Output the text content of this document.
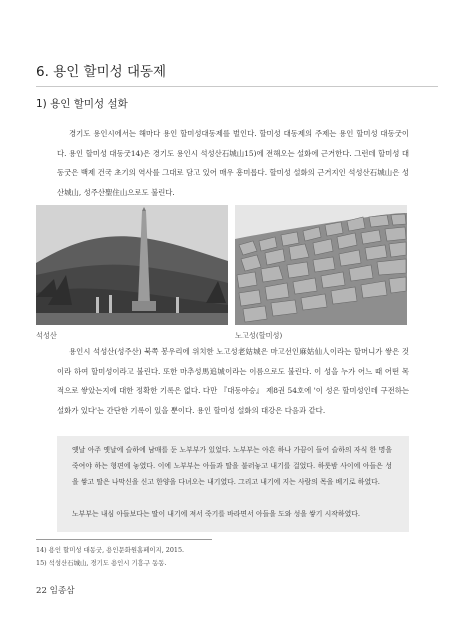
6. 용인 할미성 대동제
1) 용인 할미성 설화

경기도 용인시에서는 해마다 용인 할미성대동제를 벌인다. 할미성 대동제의 주제는 용인 할미성 대동굿이다. 용인 할미성 대동굿14)은 경기도 용인시 석성산石城山15)에 전해오는 설화에 근거한다. 그런데 할미성 대동굿은 백제 건국 초기의 역사를 그대로 담고 있어 매우 흥미롭다. 할미성 설화의 근거지인 석성산石城山은 성산城山, 성주산聖住山으로도 불린다.

석성산	노고성(할미성)

용인시 석성산(성주산) 북쪽 봉우리에 위치한 노고성老姑城은 마고선인麻姑仙人이라는 할머니가 쌓은 것이라 하여 할미성이라고 불린다. 또한 마추성馬追城이라는 이름으로도 불린다. 이 성을 누가 어느 때 어떤 목적으로 쌓았는지에 대한 정확한 기록은 없다. 다만 『대동야승』 제8권 54호에 '이 성은 할미성인데 구전하는 설화가 있다'는 간단한 기록이 있을 뿐이다. 용인 할미성 설화의 대강은 다음과 같다.

옛날 아주 옛날에 슬하에 남매를 둔 노부부가 있었다. 노부부는 아흔 하나 가끔이 들어 슬하의 자식 한 명을 죽여야 하는 형편에 놓였다. 이에 노부부는 아들과 딸을 불러놓고 내기를 걸었다. 하룻밤 사이에 아들은 성을 쌓고 딸은 나막신을 신고 한양을 다녀오는 내기였다. 그리고 내기에 지는 사람의 목을 베기로 하였다.

노부부는 내심 아들보다는 딸이 내기에 져서 죽기를 바라면서 아들을 도와 성을 쌓기 시작하였다.

14) 용인 할미성 대동굿, 용인문화원홈페이지, 2015.
15) 석성산石城山, 경기도 용인시 기흥구 동동.
22 임종삼
